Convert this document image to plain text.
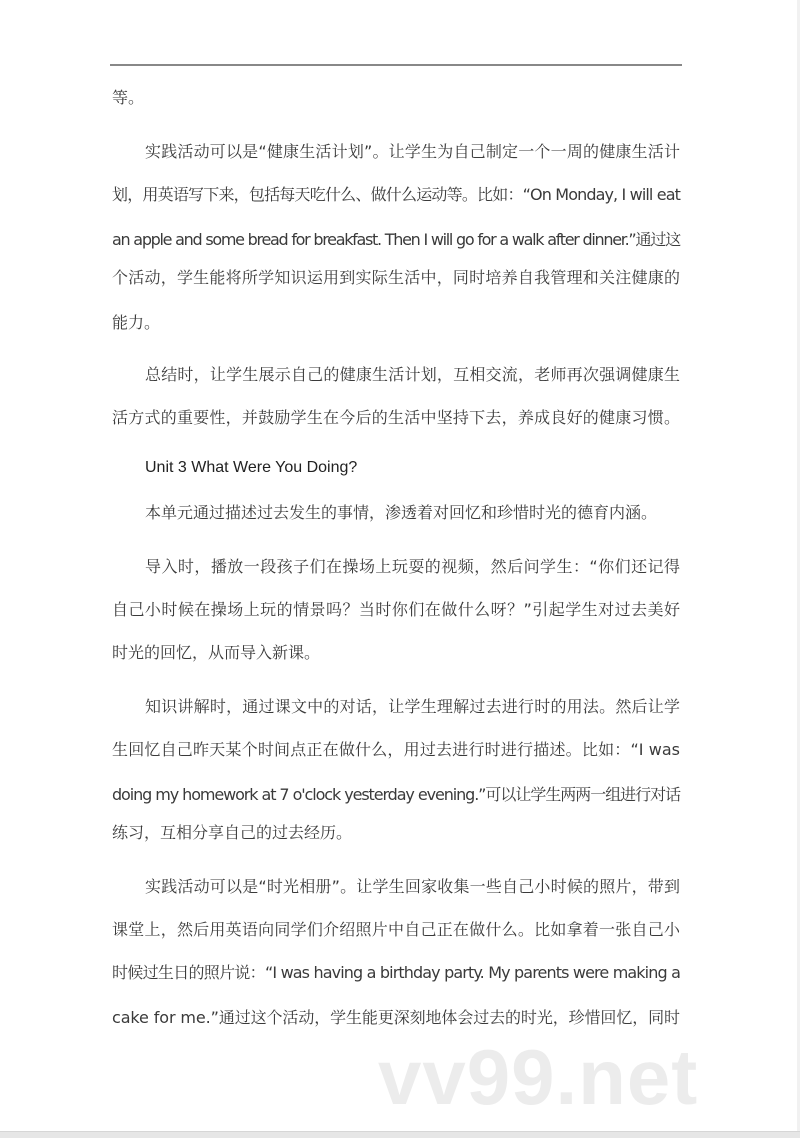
等。
实践活动可以是“健康生活计划”。让学生为自己制定一个一周的健康生活计
划，用英语写下来，包括每天吃什么、做什么运动等。比如：“On Monday, I will eat
an apple and some bread for breakfast. Then I will go for a walk after dinner.”通过这
个活动，学生能将所学知识运用到实际生活中，同时培养自我管理和关注健康的
能力。
总结时，让学生展示自己的健康生活计划，互相交流，老师再次强调健康生
活方式的重要性，并鼓励学生在今后的生活中坚持下去，养成良好的健康习惯。
Unit 3 What Were You Doing?
本单元通过描述过去发生的事情，渗透着对回忆和珍惜时光的德育内涵。
导入时，播放一段孩子们在操场上玩耍的视频，然后问学生：“你们还记得
自己小时候在操场上玩的情景吗？当时你们在做什么呀？”引起学生对过去美好
时光的回忆，从而导入新课。
知识讲解时，通过课文中的对话，让学生理解过去进行时的用法。然后让学
生回忆自己昨天某个时间点正在做什么，用过去进行时进行描述。比如：“I was
doing my homework at 7 o'clock yesterday evening.”可以让学生两两一组进行对话
练习，互相分享自己的过去经历。
实践活动可以是“时光相册”。让学生回家收集一些自己小时候的照片，带到
课堂上，然后用英语向同学们介绍照片中自己正在做什么。比如拿着一张自己小
时候过生日的照片说：“I was having a birthday party. My parents were making a
cake for me.”通过这个活动，学生能更深刻地体会过去的时光，珍惜回忆，同时
vv99.net
